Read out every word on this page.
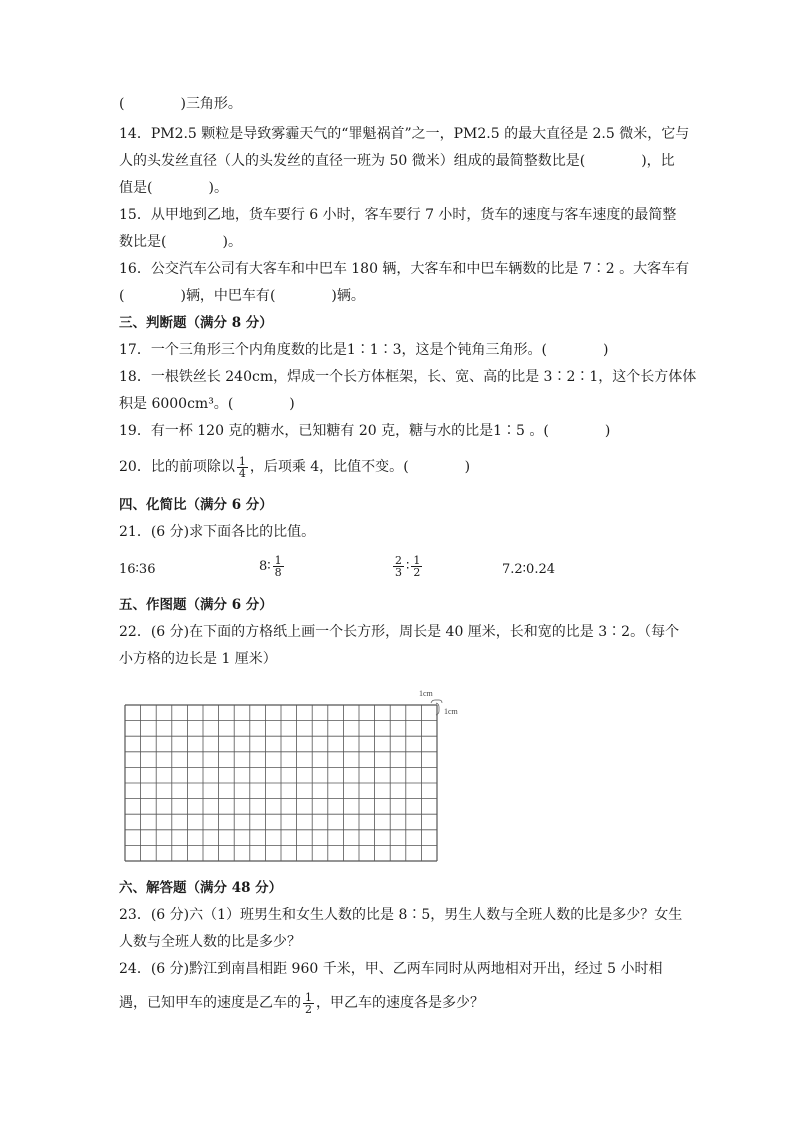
(	)三角形。
14．PM2.5 颗粒是导致雾霾天气的“罪魁祸首”之一，PM2.5 的最大直径是 2.5 微米，它与
人的头发丝直径（人的头发丝的直径一班为 50 微米）组成的最简整数比是(	)，比
值是(	)。
15．从甲地到乙地，货车要行 6 小时，客车要行 7 小时，货车的速度与客车速度的最简整
数比是(	)。
16．公交汽车公司有大客车和中巴车 180 辆，大客车和中巴车辆数的比是 7∶2 。大客车有
(	)辆，中巴车有(	)辆。
三、判断题（满分 8 分）
17．一个三角形三个内角度数的比是1∶1∶3，这是个钝角三角形。(	)
18．一根铁丝长 240cm，焊成一个长方体框架，长、宽、高的比是 3∶2∶1，这个长方体体
积是 6000cm³。(	)
19．有一杯 120 克的糖水，已知糖有 20 克，糖与水的比是1∶5 。(	)
20．比的前项除以 $\frac{1}{4}$ ，后项乘 4，比值不变。(	)
四、化简比（满分 6 分）
21．(6 分)求下面各比的比值。
16∶36	8∶ $\frac{1}{8}$	$\frac{2}{3}$ ∶ $\frac{1}{2}$	7.2∶0.24
五、作图题（满分 6 分）
22．(6 分)在下面的方格纸上画一个长方形，周长是 40 厘米，长和宽的比是 3∶2。（每个
小方格的边长是 1 厘米）
1cm
1cm
六、解答题（满分 48 分）
23．(6 分)六（1）班男生和女生人数的比是 8∶5，男生人数与全班人数的比是多少？女生
人数与全班人数的比是多少？
24．(6 分)黔江到南昌相距 960 千米，甲、乙两车同时从两地相对开出，经过 5 小时相
遇，已知甲车的速度是乙车的 $\frac{1}{2}$ ，甲乙车的速度各是多少？
